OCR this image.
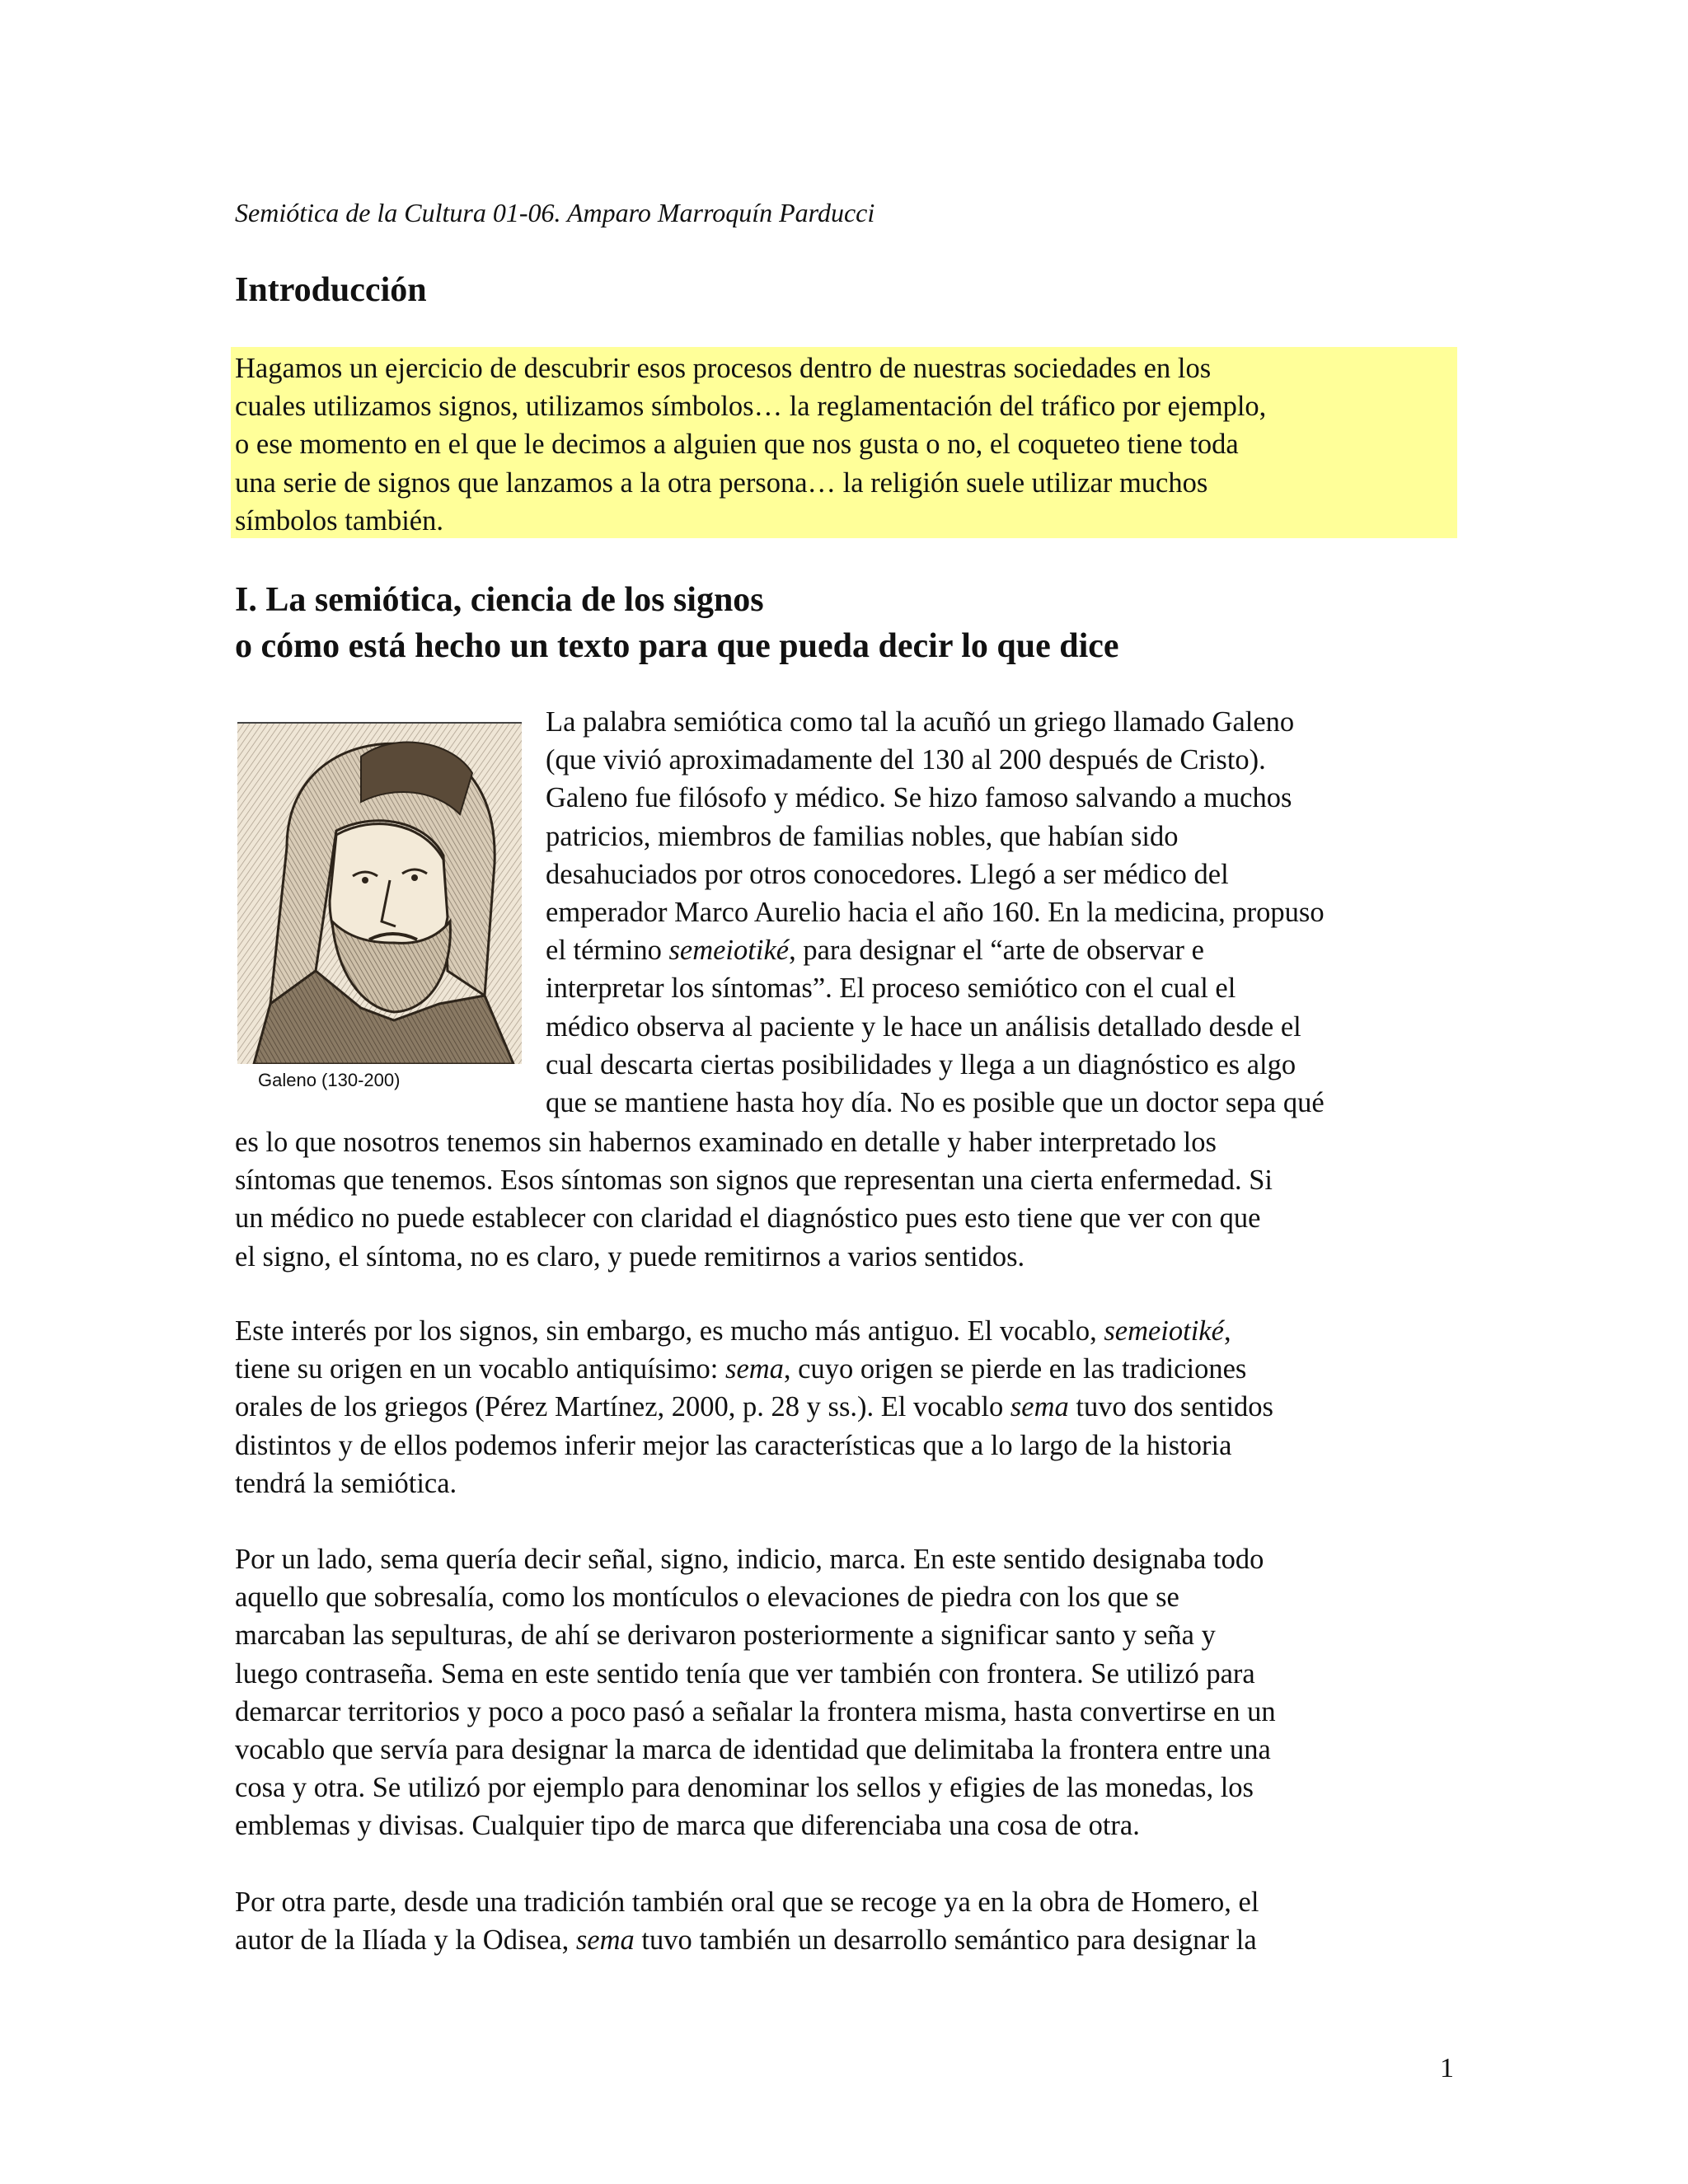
Semiótica de la Cultura 01-06. Amparo Marroquín Parducci
Introducción
Hagamos un ejercicio de descubrir esos procesos dentro de nuestras sociedades en los
cuales utilizamos signos, utilizamos símbolos… la reglamentación del tráfico por ejemplo,
o ese momento en el que le decimos a alguien que nos gusta o no, el coqueteo tiene toda
una serie de signos que lanzamos a la otra persona… la religión suele utilizar muchos
símbolos también.
I. La semiótica, ciencia de los signos
o cómo está hecho un texto para que pueda decir lo que dice
Galeno (130-200)
La palabra semiótica como tal la acuñó un griego llamado Galeno
(que vivió aproximadamente del 130 al 200 después de Cristo).
Galeno fue filósofo y médico. Se hizo famoso salvando a muchos
patricios, miembros de familias nobles, que habían sido
desahuciados por otros conocedores. Llegó a ser médico del
emperador Marco Aurelio hacia el año 160. En la medicina, propuso
el término semeiotiké, para designar el “arte de observar e
interpretar los síntomas”. El proceso semiótico con el cual el
médico observa al paciente y le hace un análisis detallado desde el
cual descarta ciertas posibilidades y llega a un diagnóstico es algo
que se mantiene hasta hoy día. No es posible que un doctor sepa qué
es lo que nosotros tenemos sin habernos examinado en detalle y haber interpretado los
síntomas que tenemos. Esos síntomas son signos que representan una cierta enfermedad. Si
un médico no puede establecer con claridad el diagnóstico pues esto tiene que ver con que
el signo, el síntoma, no es claro, y puede remitirnos a varios sentidos.
Este interés por los signos, sin embargo, es mucho más antiguo. El vocablo, semeiotiké,
tiene su origen en un vocablo antiquísimo: sema, cuyo origen se pierde en las tradiciones
orales de los griegos (Pérez Martínez, 2000, p. 28 y ss.). El vocablo sema tuvo dos sentidos
distintos y de ellos podemos inferir mejor las características que a lo largo de la historia
tendrá la semiótica.
Por un lado, sema quería decir señal, signo, indicio, marca. En este sentido designaba todo
aquello que sobresalía, como los montículos o elevaciones de piedra con los que se
marcaban las sepulturas, de ahí se derivaron posteriormente a significar santo y seña y
luego contraseña. Sema en este sentido tenía que ver también con frontera. Se utilizó para
demarcar territorios y poco a poco pasó a señalar la frontera misma, hasta convertirse en un
vocablo que servía para designar la marca de identidad que delimitaba la frontera entre una
cosa y otra. Se utilizó por ejemplo para denominar los sellos y efigies de las monedas, los
emblemas y divisas. Cualquier tipo de marca que diferenciaba una cosa de otra.
Por otra parte, desde una tradición también oral que se recoge ya en la obra de Homero, el
autor de la Ilíada y la Odisea, sema tuvo también un desarrollo semántico para designar la
1
